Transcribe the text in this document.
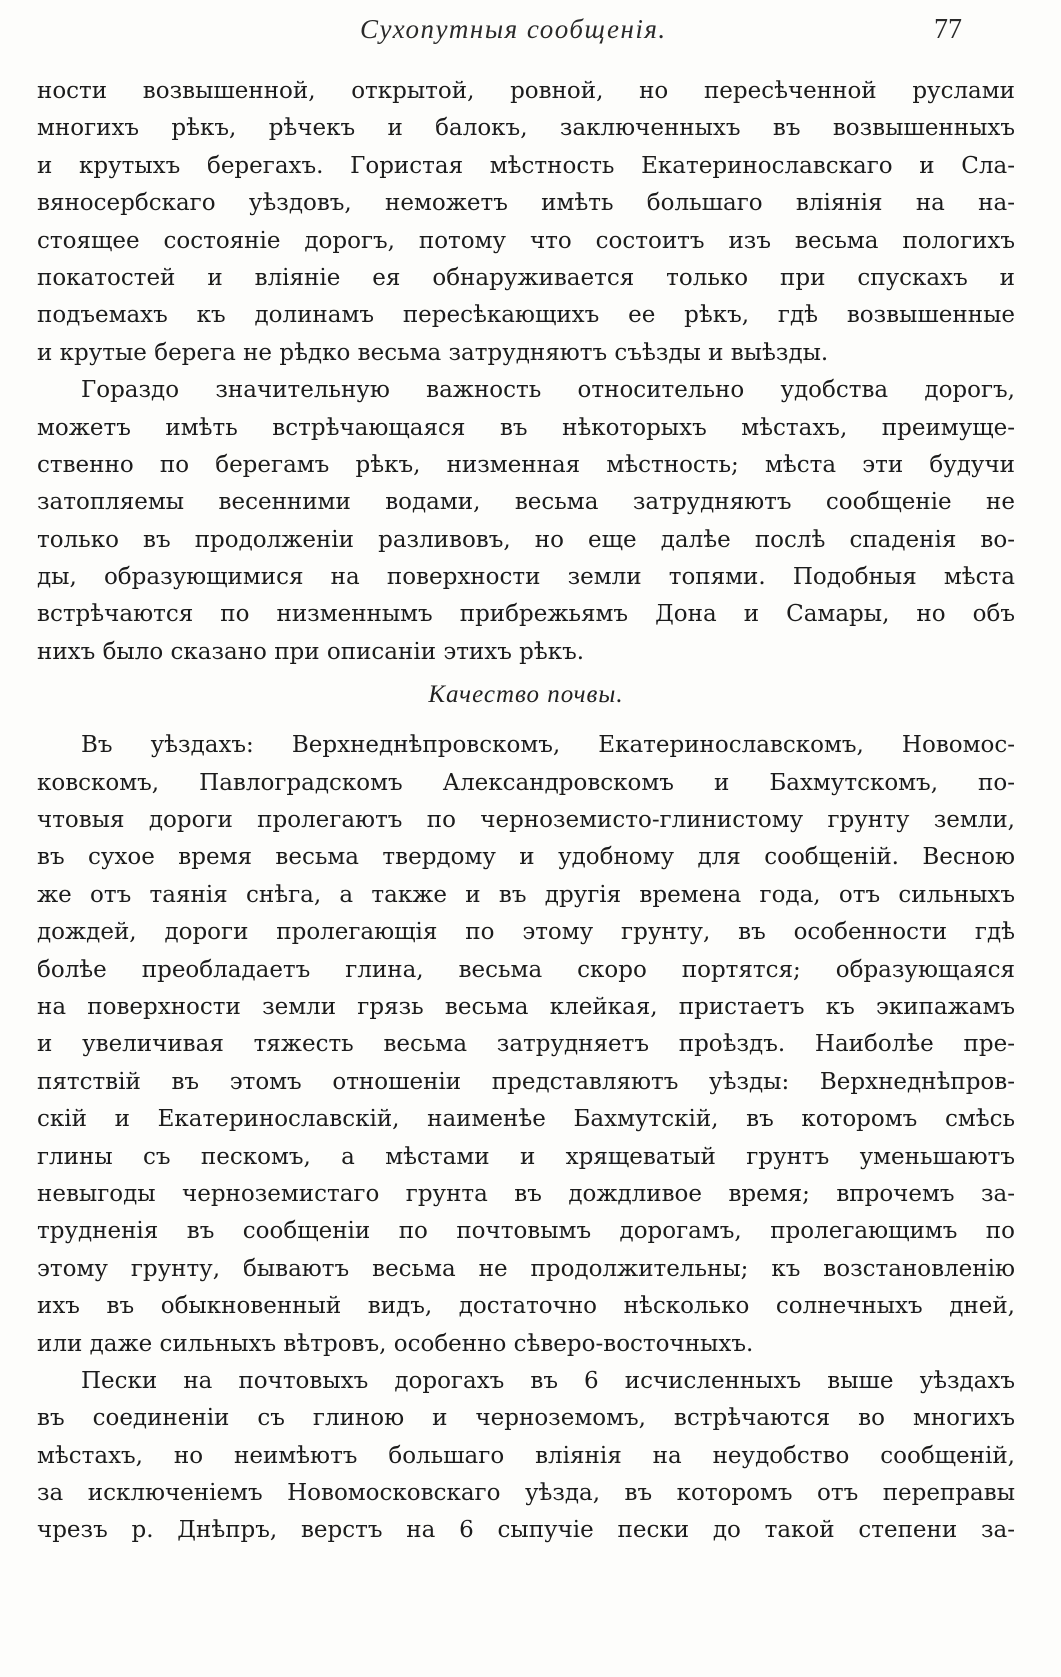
Сухопутныя сообщенія.	77
ности возвышенной, открытой, ровной, но пересѣченной руслами
многихъ рѣкъ, рѣчекъ и балокъ, заключенныхъ въ возвышенныхъ
и крутыхъ берегахъ. Гористая мѣстность Екатеринославскаго и Сла-
вяносербскаго уѣздовъ, неможетъ имѣть большаго вліянія на на-
стоящее состояніе дорогъ, потому что состоитъ изъ весьма пологихъ
покатостей и вліяніе ея обнаруживается только при спускахъ и
подъемахъ къ долинамъ пересѣкающихъ ее рѣкъ, гдѣ возвышенные
и крутые берега не рѣдко весьма затрудняютъ съѣзды и выѣзды.
Гораздо значительную важность относительно удобства дорогъ,
можетъ имѣть встрѣчающаяся въ нѣкоторыхъ мѣстахъ, преимуще-
ственно по берегамъ рѣкъ, низменная мѣстность; мѣста эти будучи
затопляемы весенними водами, весьма затрудняютъ сообщеніе не
только въ продолженіи разливовъ, но еще далѣе послѣ спаденія во-
ды, образующимися на поверхности земли топями. Подобныя мѣста
встрѣчаются по низменнымъ прибрежьямъ Дона и Самары, но объ
нихъ было сказано при описаніи этихъ рѣкъ.
Качество почвы.
Въ уѣздахъ: Верхнеднѣпровскомъ, Екатеринославскомъ, Новомос-
ковскомъ, Павлоградскомъ Александровскомъ и Бахмутскомъ, по-
чтовыя дороги пролегаютъ по черноземисто-глинистому грунту земли,
въ сухое время весьма твердому и удобному для сообщеній. Весною
же отъ таянія снѣга, а также и въ другія времена года, отъ сильныхъ
дождей, дороги пролегающія по этому грунту, въ особенности гдѣ
болѣе преобладаетъ глина, весьма скоро портятся; образующаяся
на поверхности земли грязь весьма клейкая, пристаетъ къ экипажамъ
и увеличивая тяжесть весьма затрудняетъ проѣздъ. Наиболѣе пре-
пятствій въ этомъ отношеніи представляютъ уѣзды: Верхнеднѣпров-
скій и Екатеринославскій, наименѣе Бахмутскій, въ которомъ смѣсь
глины съ пескомъ, а мѣстами и хрящеватый грунтъ уменьшаютъ
невыгоды черноземистаго грунта въ дождливое время; впрочемъ за-
трудненія въ сообщеніи по почтовымъ дорогамъ, пролегающимъ по
этому грунту, бываютъ весьма не продолжительны; къ возстановленію
ихъ въ обыкновенный видъ, достаточно нѣсколько солнечныхъ дней,
или даже сильныхъ вѣтровъ, особенно сѣверо-восточныхъ.
Пески на почтовыхъ дорогахъ въ 6 исчисленныхъ выше уѣздахъ
въ соединеніи съ глиною и черноземомъ, встрѣчаются во многихъ
мѣстахъ, но неимѣютъ большаго вліянія на неудобство сообщеній,
за исключеніемъ Новомосковскаго уѣзда, въ которомъ отъ переправы
чрезъ р. Днѣпръ, верстъ на 6 сыпучіе пески до такой степени за-
